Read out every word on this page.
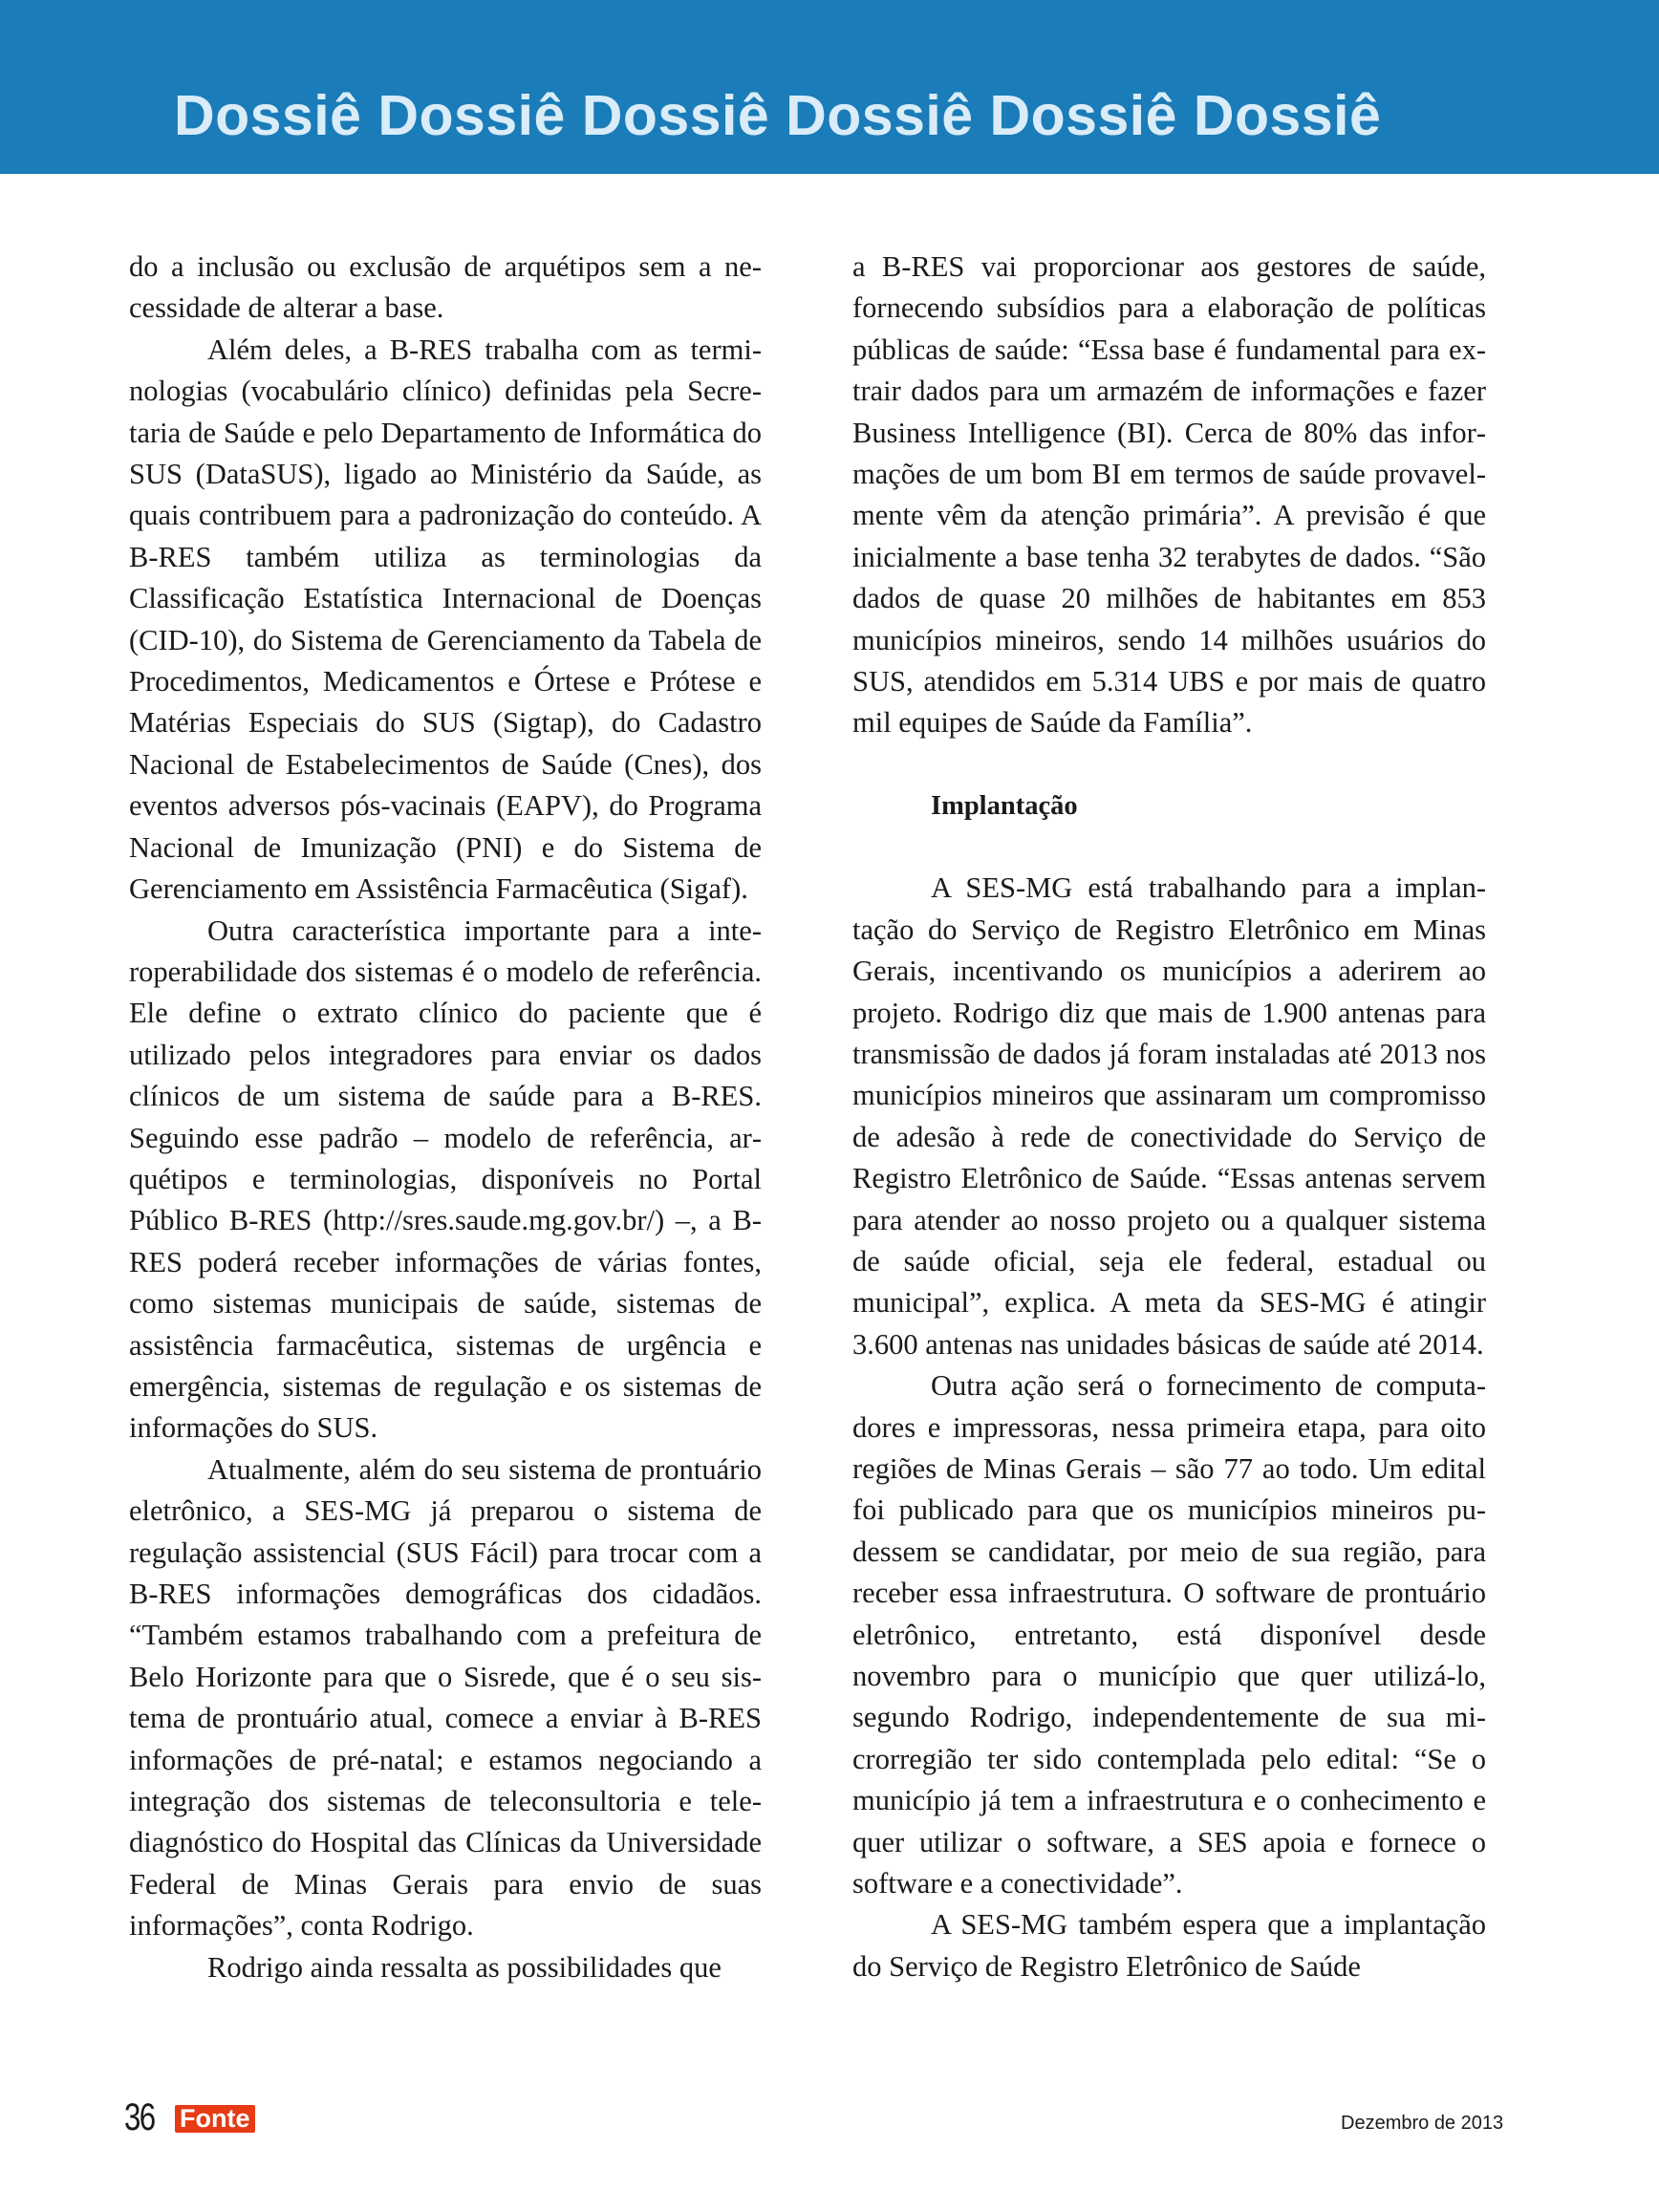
Dossiê Dossiê Dossiê Dossiê Dossiê Dossiê

do a inclusão ou exclusão de arquétipos sem a necessidade de alterar a base.

Além deles, a B-RES trabalha com as terminologias (vocabulário clínico) definidas pela Secretaria de Saúde e pelo Departamento de Informática do SUS (DataSUS), ligado ao Ministério da Saúde, as quais contribuem para a padronização do conteúdo. A B-RES também utiliza as terminologias da Classificação Estatística Internacional de Doenças (CID-10), do Sistema de Gerenciamento da Tabela de Procedimentos, Medicamentos e Órtese e Prótese e Matérias Especiais do SUS (Sigtap), do Cadastro Nacional de Estabelecimentos de Saúde (Cnes), dos eventos adversos pós-vacinais (EAPV), do Programa Nacional de Imunização (PNI) e do Sistema de Gerenciamento em Assistência Farmacêutica (Sigaf).

Outra característica importante para a interoperabilidade dos sistemas é o modelo de referência. Ele define o extrato clínico do paciente que é utilizado pelos integradores para enviar os dados clínicos de um sistema de saúde para a B-RES. Seguindo esse padrão – modelo de referência, arquétipos e terminologias, disponíveis no Portal Público B-RES (http://sres.saude.mg.gov.br/) –, a B-RES poderá receber informações de várias fontes, como sistemas municipais de saúde, sistemas de assistência farmacêutica, sistemas de urgência e emergência, sistemas de regulação e os sistemas de informações do SUS.

Atualmente, além do seu sistema de prontuário eletrônico, a SES-MG já preparou o sistema de regulação assistencial (SUS Fácil) para trocar com a B-RES informações demográficas dos cidadãos. “Também estamos trabalhando com a prefeitura de Belo Horizonte para que o Sisrede, que é o seu sistema de prontuário atual, comece a enviar à B-RES informações de pré-natal; e estamos negociando a integração dos sistemas de teleconsultoria e telediagnóstico do Hospital das Clínicas da Universidade Federal de Minas Gerais para envio de suas informações”, conta Rodrigo.

Rodrigo ainda ressalta as possibilidades que

a B-RES vai proporcionar aos gestores de saúde, fornecendo subsídios para a elaboração de políticas públicas de saúde: “Essa base é fundamental para extrair dados para um armazém de informações e fazer Business Intelligence (BI). Cerca de 80% das informações de um bom BI em termos de saúde provavelmente vêm da atenção primária”. A previsão é que inicialmente a base tenha 32 terabytes de dados. “São dados de quase 20 milhões de habitantes em 853 municípios mineiros, sendo 14 milhões usuários do SUS, atendidos em 5.314 UBS e por mais de quatro mil equipes de Saúde da Família”.

Implantação

A SES-MG está trabalhando para a implantação do Serviço de Registro Eletrônico em Minas Gerais, incentivando os municípios a aderirem ao projeto. Rodrigo diz que mais de 1.900 antenas para transmissão de dados já foram instaladas até 2013 nos municípios mineiros que assinaram um compromisso de adesão à rede de conectividade do Serviço de Registro Eletrônico de Saúde. “Essas antenas servem para atender ao nosso projeto ou a qualquer sistema de saúde oficial, seja ele federal, estadual ou municipal”, explica. A meta da SES-MG é atingir 3.600 antenas nas unidades básicas de saúde até 2014.

Outra ação será o fornecimento de computadores e impressoras, nessa primeira etapa, para oito regiões de Minas Gerais – são 77 ao todo. Um edital foi publicado para que os municípios mineiros pudessem se candidatar, por meio de sua região, para receber essa infraestrutura. O software de prontuário eletrônico, entretanto, está disponível desde novembro para o município que quer utilizá-lo, segundo Rodrigo, independentemente de sua microrregião ter sido contemplada pelo edital: “Se o município já tem a infraestrutura e o conhecimento e quer utilizar o software, a SES apoia e fornece o software e a conectividade”.

A SES-MG também espera que a implantação do Serviço de Registro Eletrônico de Saúde

36 Fonte	Dezembro de 2013
